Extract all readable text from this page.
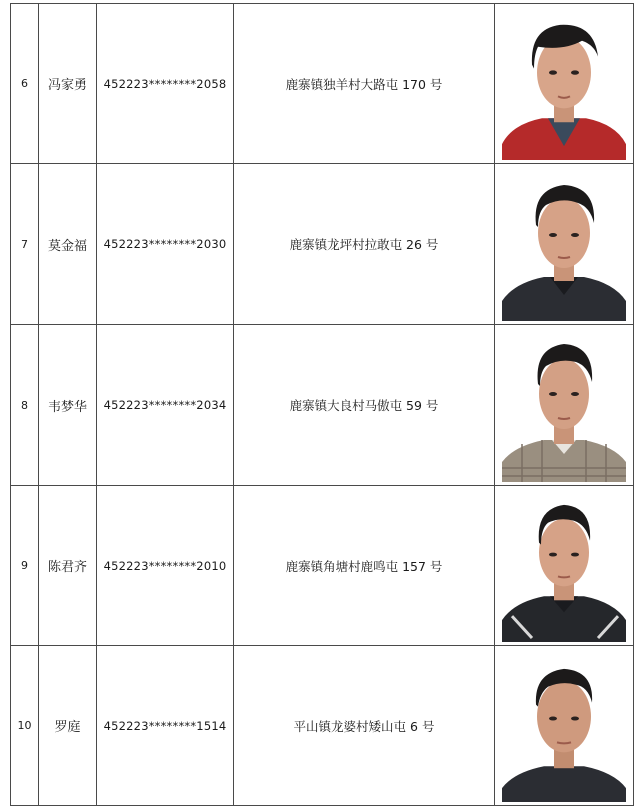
6	冯家勇	452223********2058	鹿寨镇独羊村大路屯 170 号	

7	莫金福	452223********2030	鹿寨镇龙坪村拉敢屯 26 号	

8	韦梦华	452223********2034	鹿寨镇大良村马傲屯 59 号	

9	陈君齐	452223********2010	鹿寨镇角塘村鹿鸣屯 157 号	

10	罗庭	452223********1514	平山镇龙婆村矮山屯 6 号	
